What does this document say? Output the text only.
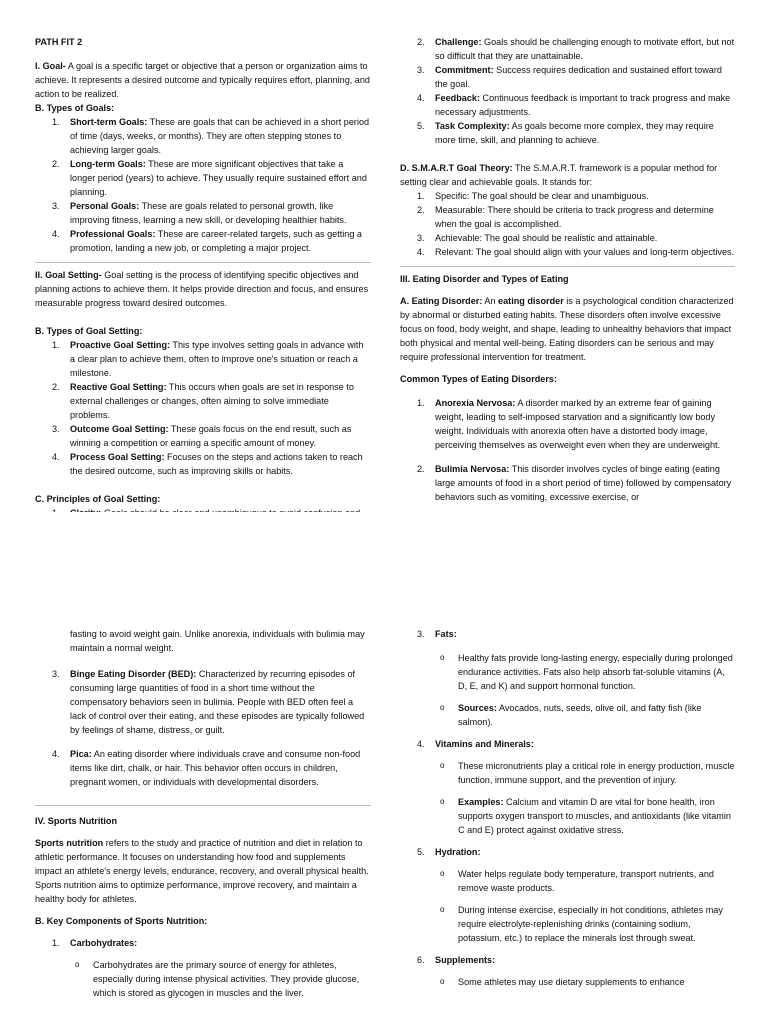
PATH FIT 2

I. Goal- A goal is a specific target or objective that a person or organization aims to achieve. It represents a desired outcome and typically requires effort, planning, and action to be realized.

B. Types of Goals:

1. Short-term Goals: These are goals that can be achieved in a short period of time (days, weeks, or months). They are often stepping stones to achieving larger goals.
2. Long-term Goals: These are more significant objectives that take a longer period (years) to achieve. They usually require sustained effort and planning.
3. Personal Goals: These are goals related to personal growth, like improving fitness, learning a new skill, or developing healthier habits.
4. Professional Goals: These are career-related targets, such as getting a promotion, landing a new job, or completing a major project.

II. Goal Setting- Goal setting is the process of identifying specific objectives and planning actions to achieve them. It helps provide direction and focus, and ensures measurable progress toward desired outcomes.

B. Types of Goal Setting:

1. Proactive Goal Setting: This type involves setting goals in advance with a clear plan to achieve them, often to improve one's situation or reach a milestone.
2. Reactive Goal Setting: This occurs when goals are set in response to external challenges or changes, often aiming to solve immediate problems.
3. Outcome Goal Setting: These goals focus on the end result, such as winning a competition or earning a specific amount of money.
4. Process Goal Setting: Focuses on the steps and actions taken to reach the desired outcome, such as improving skills or habits.

C. Principles of Goal Setting:

2. Challenge: Goals should be challenging enough to motivate effort, but not so difficult that they are unattainable.
3. Commitment: Success requires dedication and sustained effort toward the goal.
4. Feedback: Continuous feedback is important to track progress and make necessary adjustments.
5. Task Complexity: As goals become more complex, they may require more time, skill, and planning to achieve.

D. S.M.A.R.T Goal Theory: The S.M.A.R.T. framework is a popular method for setting clear and achievable goals. It stands for:

1. Specific: The goal should be clear and unambiguous.
2. Measurable: There should be criteria to track progress and determine when the goal is accomplished.
3. Achievable: The goal should be realistic and attainable.
4. Relevant: The goal should align with your values and long-term objectives.

III. Eating Disorder and Types of Eating

A. Eating Disorder: An eating disorder is a psychological condition characterized by abnormal or disturbed eating habits. These disorders often involve excessive focus on food, body weight, and shape, leading to unhealthy behaviors that impact both physical and mental well-being. Eating disorders can be serious and may require professional intervention for treatment.

Common Types of Eating Disorders:

1. Anorexia Nervosa: A disorder marked by an extreme fear of gaining weight, leading to self-imposed starvation and a significantly low body weight. Individuals with anorexia often have a distorted body image, perceiving themselves as overweight even when they are underweight.
2. Bulimia Nervosa: This disorder involves cycles of binge eating (eating large amounts of food in a short period of time) followed by compensatory behaviors such as vomiting, excessive exercise, or

fasting to avoid weight gain. Unlike anorexia, individuals with bulimia may maintain a normal weight.

3. Binge Eating Disorder (BED): Characterized by recurring episodes of consuming large quantities of food in a short time without the compensatory behaviors seen in bulimia. People with BED often feel a lack of control over their eating, and these episodes are typically followed by feelings of shame, distress, or guilt.
4. Pica: An eating disorder where individuals crave and consume non-food items like dirt, chalk, or hair. This behavior often occurs in children, pregnant women, or individuals with developmental disorders.

IV. Sports Nutrition

Sports nutrition refers to the study and practice of nutrition and diet in relation to athletic performance. It focuses on understanding how food and supplements impact an athlete's energy levels, endurance, recovery, and overall physical health. Sports nutrition aims to optimize performance, improve recovery, and maintain a healthy body for athletes.

B. Key Components of Sports Nutrition:

1. Carbohydrates:

o Carbohydrates are the primary source of energy for athletes, especially during intense physical activities. They provide glucose, which is stored as glycogen in muscles and the liver.

3. Fats:

o Healthy fats provide long-lasting energy, especially during prolonged endurance activities. Fats also help absorb fat-soluble vitamins (A, D, E, and K) and support hormonal function.

o Sources: Avocados, nuts, seeds, olive oil, and fatty fish (like salmon).

4. Vitamins and Minerals:

o These micronutrients play a critical role in energy production, muscle function, immune support, and the prevention of injury.

o Examples: Calcium and vitamin D are vital for bone health, iron supports oxygen transport to muscles, and antioxidants (like vitamin C and E) protect against oxidative stress.

5. Hydration:

o Water helps regulate body temperature, transport nutrients, and remove waste products.

o During intense exercise, especially in hot conditions, athletes may require electrolyte-replenishing drinks (containing sodium, potassium, etc.) to replace the minerals lost through sweat.

6. Supplements:

o Some athletes may use dietary supplements to enhance
